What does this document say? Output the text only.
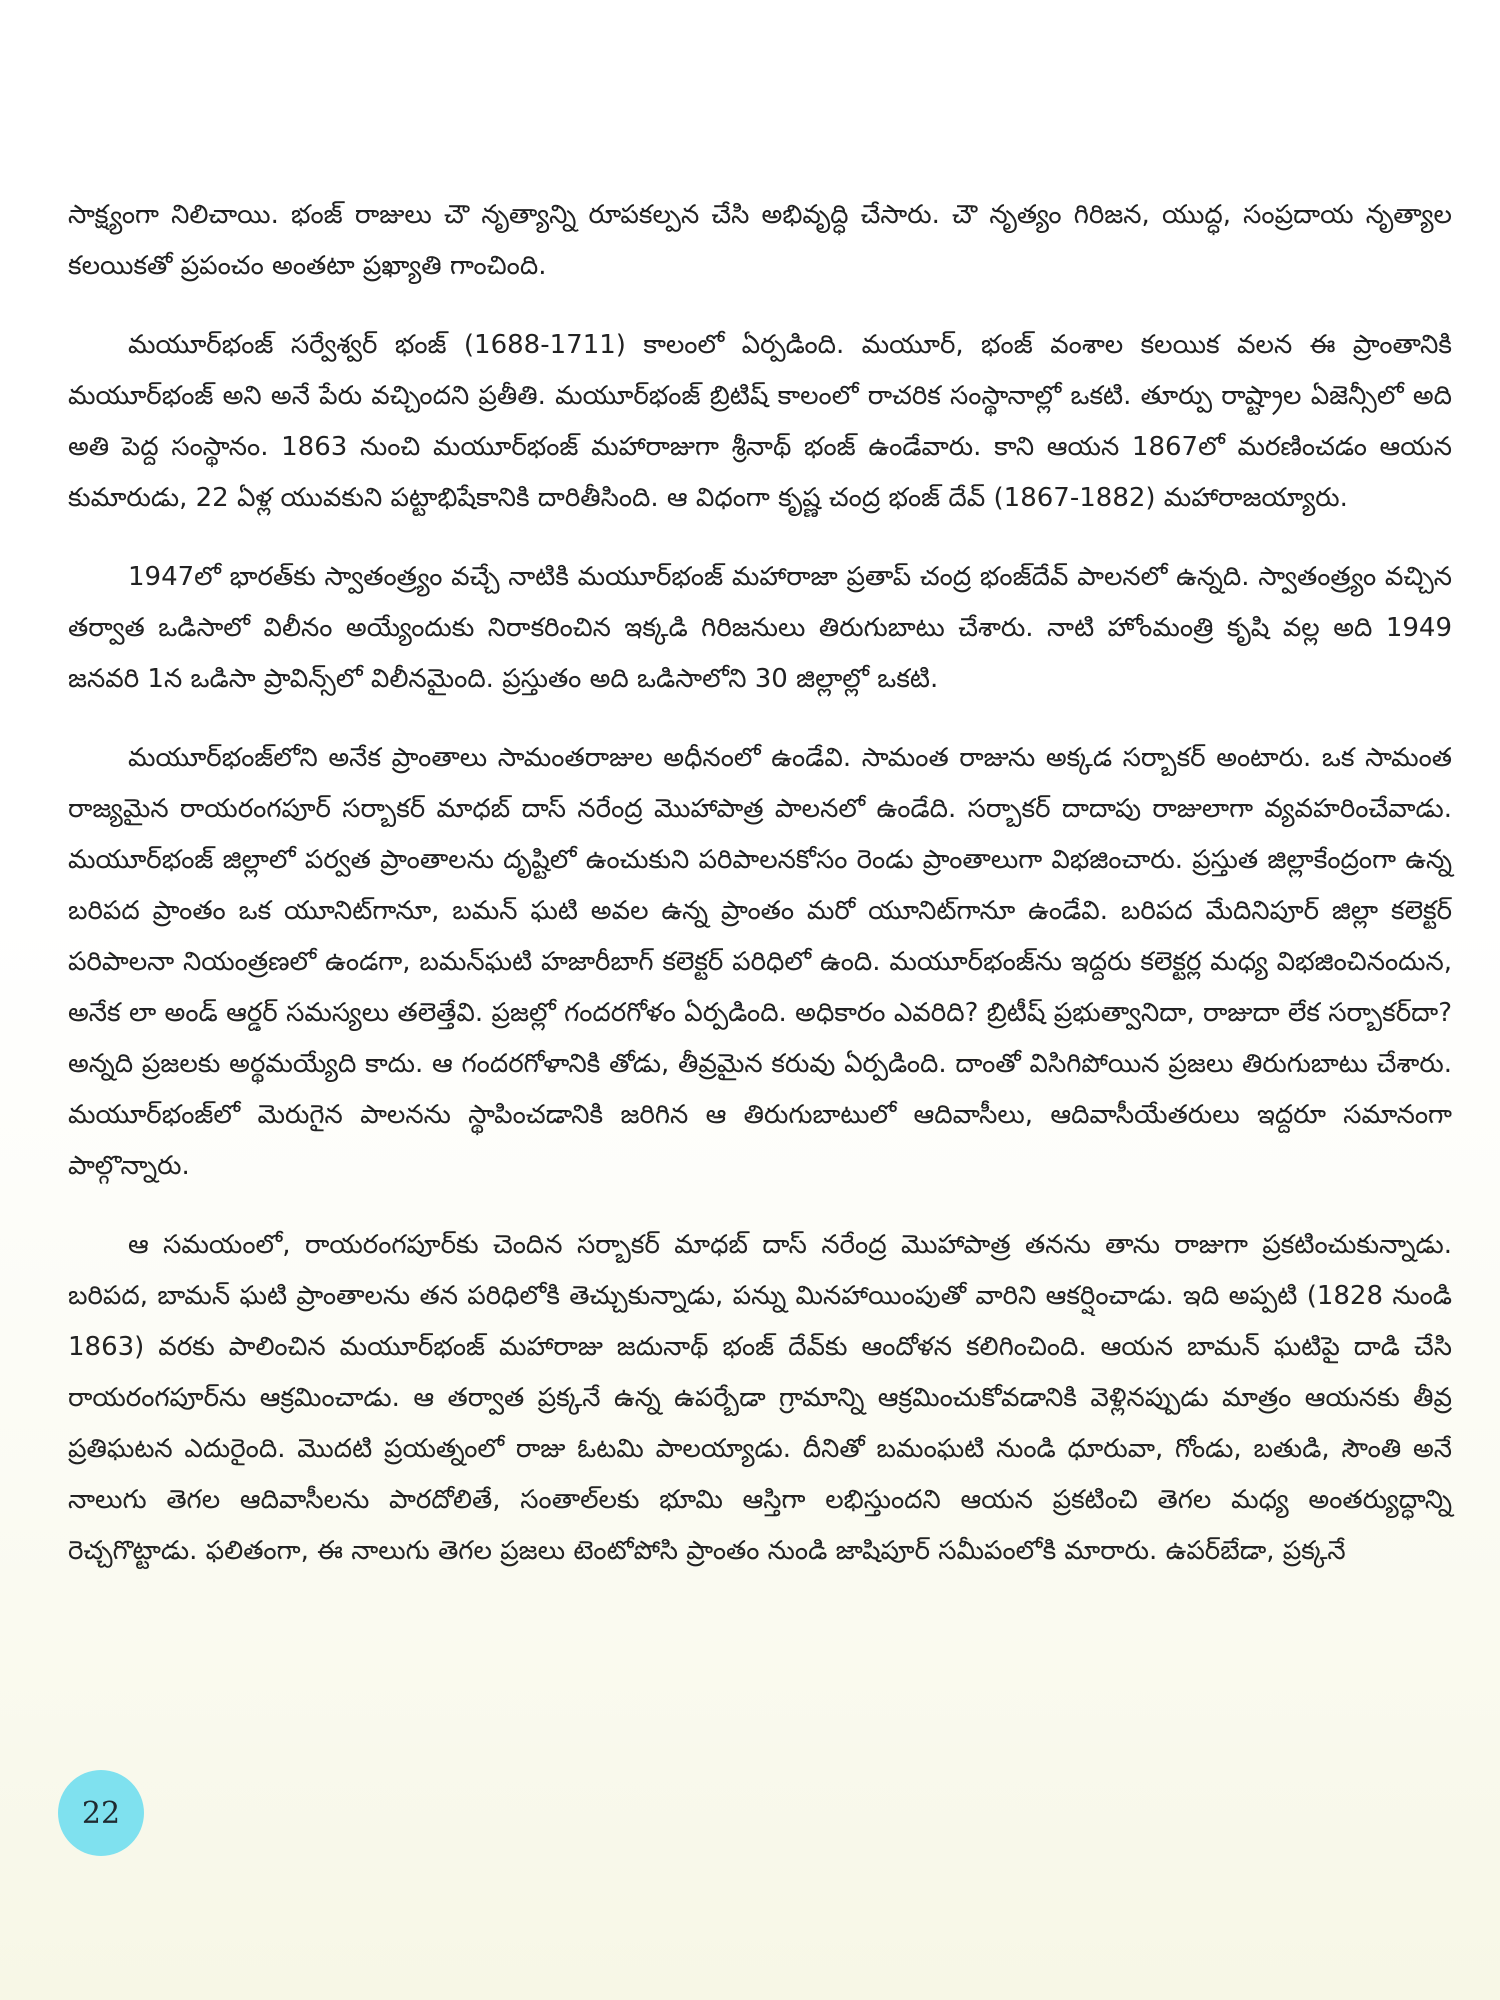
సాక్ష్యంగా నిలిచాయి. భంజ్ రాజులు చౌ నృత్యాన్ని రూపకల్పన చేసి అభివృద్ధి చేసారు. చౌ నృత్యం గిరిజన, యుద్ధ, సంప్రదాయ నృత్యాల కలయికతో ప్రపంచం అంతటా ప్రఖ్యాతి గాంచింది.

మయూర్‌భంజ్ సర్వేశ్వర్ భంజ్ (1688-1711) కాలంలో ఏర్పడింది. మయూర్, భంజ్ వంశాల కలయిక వలన ఈ ప్రాంతానికి మయూర్‌భంజ్ అని అనే పేరు వచ్చిందని ప్రతీతి. మయూర్‌భంజ్ బ్రిటిష్ కాలంలో రాచరిక సంస్థానాల్లో ఒకటి. తూర్పు రాష్ట్రాల ఏజెన్సీలో అది అతి పెద్ద సంస్థానం. 1863 నుంచి మయూర్‌భంజ్ మహారాజుగా శ్రీనాథ్ భంజ్ ఉండేవారు. కాని ఆయన 1867లో మరణించడం ఆయన కుమారుడు, 22 ఏళ్ల యువకుని పట్టాభిషేకానికి దారితీసింది. ఆ విధంగా కృష్ణ చంద్ర భంజ్ దేవ్ (1867-1882) మహారాజయ్యారు.

1947లో భారత్‌కు స్వాతంత్ర్యం వచ్చే నాటికి మయూర్‌భంజ్ మహారాజా ప్రతాప్ చంద్ర భంజ్‌దేవ్ పాలనలో ఉన్నది. స్వాతంత్ర్యం వచ్చిన తర్వాత ఒడిసాలో విలీనం అయ్యేందుకు నిరాకరించిన ఇక్కడి గిరిజనులు తిరుగుబాటు చేశారు. నాటి హోంమంత్రి కృషి వల్ల అది 1949 జనవరి 1న ఒడిసా ప్రావిన్స్‌లో విలీనమైంది. ప్రస్తుతం అది ఒడిసాలోని 30 జిల్లాల్లో ఒకటి.

మయూర్‌భంజ్‌లోని అనేక ప్రాంతాలు సామంతరాజుల అధీనంలో ఉండేవి. సామంత రాజును అక్కడ సర్బాకర్ అంటారు. ఒక సామంత రాజ్యమైన రాయరంగపూర్ సర్బాకర్ మాధబ్ దాస్ నరేంద్ర మొహాపాత్ర పాలనలో ఉండేది. సర్బాకర్ దాదాపు రాజులాగా వ్యవహరించేవాడు. మయూర్‌భంజ్ జిల్లాలో పర్వత ప్రాంతాలను దృష్టిలో ఉంచుకుని పరిపాలనకోసం రెండు ప్రాంతాలుగా విభజించారు. ప్రస్తుత జిల్లాకేంద్రంగా ఉన్న బరిపద ప్రాంతం ఒక యూనిట్‌గానూ, బమన్ ఘటి అవల ఉన్న ప్రాంతం మరో యూనిట్‌గానూ ఉండేవి. బరిపద మేదినిపూర్ జిల్లా కలెక్టర్ పరిపాలనా నియంత్రణలో ఉండగా, బమన్‌ఘటి హజారీబాగ్ కలెక్టర్ పరిధిలో ఉంది. మయూర్‌భంజ్‌ను ఇద్దరు కలెక్టర్ల మధ్య విభజించినందున, అనేక లా అండ్ ఆర్డర్ సమస్యలు తలెత్తేవి. ప్రజల్లో గందరగోళం ఏర్పడింది. అధికారం ఎవరిది? బ్రిటీష్ ప్రభుత్వానిదా, రాజుదా లేక సర్బాకర్‌దా? అన్నది ప్రజలకు అర్థమయ్యేది కాదు. ఆ గందరగోళానికి తోడు, తీవ్రమైన కరువు ఏర్పడింది. దాంతో విసిగిపోయిన ప్రజలు తిరుగుబాటు చేశారు. మయూర్‌భంజ్‌లో మెరుగైన పాలనను స్థాపించడానికి జరిగిన ఆ తిరుగుబాటులో ఆదివాసీలు, ఆదివాసీయేతరులు ఇద్దరూ సమానంగా పాల్గొన్నారు.

ఆ సమయంలో, రాయరంగపూర్‌కు చెందిన సర్బాకర్ మాధబ్ దాస్ నరేంద్ర మొహాపాత్ర తనను తాను రాజుగా ప్రకటించుకున్నాడు. బరిపద, బామన్ ఘటి ప్రాంతాలను తన పరిధిలోకి తెచ్చుకున్నాడు, పన్ను మినహాయింపుతో వారిని ఆకర్షించాడు. ఇది అప్పటి (1828 నుండి 1863) వరకు పాలించిన మయూర్‌భంజ్ మహారాజు జదునాథ్ భంజ్ దేవ్‌కు ఆందోళన కలిగించింది. ఆయన బామన్ ఘటిపై దాడి చేసి రాయరంగపూర్‌ను ఆక్రమించాడు. ఆ తర్వాత ప్రక్కనే ఉన్న ఉపర్బేడా గ్రామాన్ని ఆక్రమించుకోవడానికి వెళ్లినప్పుడు మాత్రం ఆయనకు తీవ్ర ప్రతిఘటన ఎదురైంది. మొదటి ప్రయత్నంలో రాజు ఓటమి పాలయ్యాడు. దీనితో బమంఘటి నుండి ధూరువా, గోండు, బతుడి, సౌంతి అనే నాలుగు తెగల ఆదివాసీలను పారదోలితే, సంతాల్‌లకు భూమి ఆస్తిగా లభిస్తుందని ఆయన ప్రకటించి తెగల మధ్య అంతర్యుద్ధాన్ని రెచ్చగొట్టాడు. ఫలితంగా, ఈ నాలుగు తెగల ప్రజలు టెంటోపోసి ప్రాంతం నుండి జాషిపూర్ సమీపంలోకి మారారు. ఉపర్‌బేడా, ప్రక్కనే

22
